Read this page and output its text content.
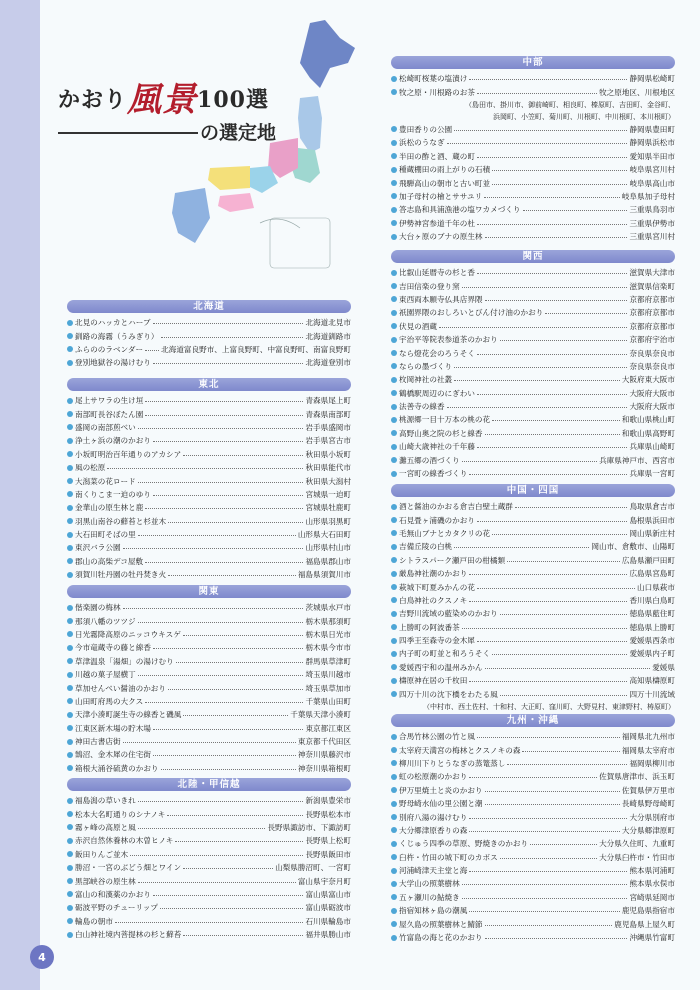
かおり風景100選
の選定地
北海道
北見のハッカとハーブ	北海道北見市
釧路の海霧（うみぎり）	北海道釧路市
ふらののラベンダー 北海道富良野市、上富良野町、中富良野町、南富良野町
登別地獄谷の湯けむり	北海道登別市
東北
尾上サワラの生け垣	青森県尾上町
南部町長谷ぼたん園	青森県南部町
盛岡の南部煎べい	岩手県盛岡市
浄土ヶ浜の潮のかおり	岩手県宮古市
小坂町明治百年通りのアカシア	秋田県小坂町
風の松原	秋田県能代市
大潟菜の花ロード	秋田県大潟村
南くりこま一迫のゆり	宮城県一迫町
金華山の原生林と鹿	宮城県牡鹿町
羽黒山南谷の蘚苔と杉並木	山形県羽黒町
大石田町そばの里	山形県大石田町
東沢バラ公園	山形県村山市
郡山の高柴デコ屋敷	福島県郡山市
須賀川牡丹園の牡丹焚き火	福島県須賀川市
関東
偕楽園の梅林	茨城県水戸市
那須八幡のツツジ	栃木県那須町
日光霧降高原のニッコウキスゲ	栃木県日光市
今市竜蔵寺の藤と線香	栃木県今市市
草津温泉「湯畑」の湯けむり	群馬県草津町
川越の菓子屋横丁	埼玉県川越市
草加せんべい醤油のかおり	埼玉県草加市
山田町府馬の大クス	千葉県山田町
天津小湊町誕生寺の線香と磯風	千葉県天津小湊町
江東区新木場の貯木場	東京都江東区
神田古書店街	東京都千代田区
鵠沼、金木犀の住宅街	神奈川県藤沢市
箱根大涌谷硫黄のかおり	神奈川県箱根町
北陸・甲信越
福島潟の草いきれ	新潟県豊栄市
松本大名町通りのシナノキ	長野県松本市
霧ヶ峰の高原と風	長野県諏訪市、下諏訪町
赤沢自然休養林の木曽ヒノキ	長野県上松町
飯田りんご並木	長野県飯田市
勝沼・一宮のぶどう畑とワイン	山梨県勝沼町、一宮町
黒部峡谷の原生林	富山県宇奈月町
富山の和漢薬のかおり	富山県富山市
砺波平野のチューリップ	富山県砺波市
輪島の朝市	石川県輪島市
白山神社境内菩提林の杉と蘚苔	福井県勝山市
中部
松崎町桜葉の塩漬け	静岡県松崎町
牧之原・川根路のお茶	牧之原地区、川根地区
（島田市、掛川市、御前崎町、相良町、榛原町、吉田町、金谷町、
浜岡町、小笠町、菊川町、川根町、中川根町、本川根町）
豊田香りの公園	静岡県豊田町
浜松のうなぎ	静岡県浜松市
半田の酢と酒、蔵の町	愛知県半田市
種蔵棚田の雨上がりの石積	岐阜県宮川村
飛騨高山の朝市と古い町並	岐阜県高山市
加子母村の檜とササユリ	岐阜県加子母村
答志島和具浦漁港の塩ワカメづくり	三重県鳥羽市
伊勢神宮参道千年の杜	三重県伊勢市
大台ヶ原のブナの原生林	三重県宮川村
関西
比叡山延暦寺の杉と香	滋賀県大津市
吉田信楽の登り窯	滋賀県信楽町
東西両本願寺仏具店界隈	京都府京都市
祇園界隈のおしろいとびん付け油のかおり	京都府京都市
伏見の酒蔵	京都府京都市
宇治平等院表参道茶のかおり	京都府宇治市
なら燈花会のろうそく	奈良県奈良市
ならの墨づくり	奈良県奈良市
枚岡神社の社叢	大阪府東大阪市
鶴橋駅周辺のにぎわい	大阪府大阪市
法善寺の線香	大阪府大阪市
桃源郷一目十万本の桃の花	和歌山県桃山町
高野山奥之院の杉と線香	和歌山県高野町
山崎大歳神社の千年藤	兵庫県山崎町
灘五郷の酒づくり	兵庫県神戸市、西宮市
一宮町の線香づくり	兵庫県一宮町
中国・四国
酒と醤油のかおる倉吉白壁土蔵群	鳥取県倉吉市
石見畳ヶ浦磯のかおり	島根県浜田市
毛無山ブナとカタクリの花	岡山県新庄村
吉備丘陵の白桃	岡山市、倉敷市、山陽町
シトラスパーク瀬戸田の柑橘類	広島県瀬戸田町
厳島神社潮のかおり	広島県宮島町
萩城下町夏みかんの花	山口県萩市
白鳥神社のクスノキ	香川県白鳥町
吉野川流域の藍染めのかおり	徳島県藍住町
上勝町の阿波番茶	徳島県上勝町
四季王至森寺の金木犀	愛媛県西条市
内子町の町並と和ろうそく	愛媛県内子町
愛媛西宇和の温州みかん	愛媛県
檮原神在居の千枚田	高知県檮原町
四万十川の沈下橋をわたる風	四万十川流域
（中村市、西土佐村、十和村、大正町、窪川町、大野見村、東津野村、梼原町）
九州・沖縄
合馬竹林公園の竹と風	福岡県北九州市
太宰府天満宮の梅林とクスノキの森	福岡県太宰府市
柳川川下りとうなぎの蒸篭蒸し	福岡県柳川市
虹の松原潮のかおり	佐賀県唐津市、浜玉町
伊万里焼土と炎のかおり	佐賀県伊万里市
野母崎水仙の里公園と潮	長崎県野母崎町
別府八湯の湯けむり	大分県別府市
大分郷津原香りの森	大分県郷津原町
くじゅう四季の草原、野焼きのかおり	大分県久住町、九重町
臼杵・竹田の城下町のカボス	大分県臼杵市・竹田市
河浦崎津天主堂と海	熊本県河浦町
大学山の照葉樹林	熊本県水俣市
五ヶ瀬川の鮎焼き	宮崎県延岡市
指宿知林ヶ島の潮風	鹿児島県指宿市
屋久島の照葉樹林と鯖節	鹿児島県上屋久町
竹富島の海と花のかおり	沖縄県竹富町
4
